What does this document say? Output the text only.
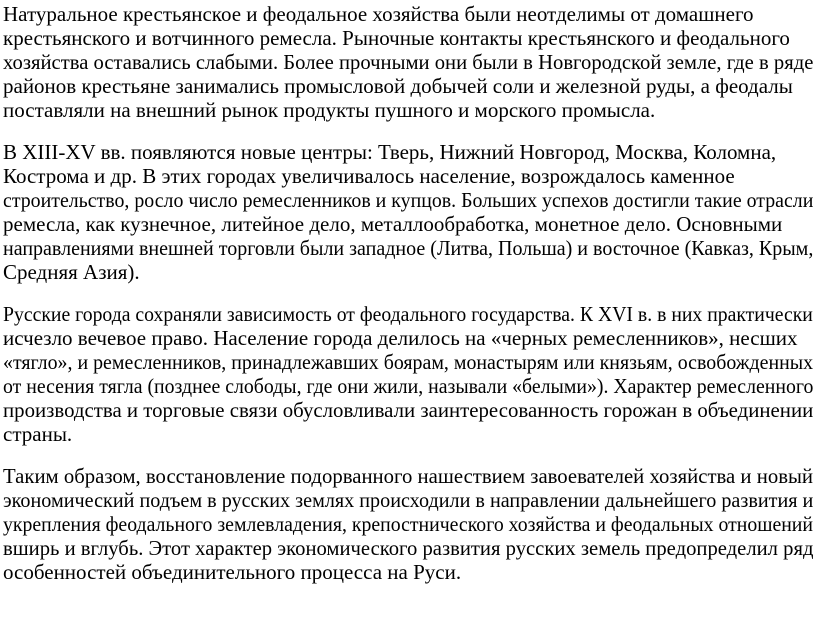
Натуральное крестьянское и феодальное хозяйства были неотделимы от домашнего

крестьянского и вотчинного ремесла. Рыночные контакты крестьянского и феодального

хозяйства оставались слабыми. Более прочными они были в Новгородской земле, где в ряде

районов крестьяне занимались промысловой добычей соли и железной руды, а феодалы

поставляли на внешний рынок продукты пушного и морского промысла.

В XIII-XV вв. появляются новые центры: Тверь, Нижний Новгород, Москва, Коломна,

Кострома и др. В этих городах увеличивалось население, возрождалось каменное

строительство, росло число ремесленников и купцов. Больших успехов достигли такие отрасли

ремесла, как кузнечное, литейное дело, металлообработка, монетное дело. Основными

направлениями внешней торговли были западное (Литва, Польша) и восточное (Кавказ, Крым,

Средняя Азия).

Русские города сохраняли зависимость от феодального государства. К XVI в. в них практически

исчезло вечевое право. Население города делилось на «черных ремесленников», несших

«тягло», и ремесленников, принадлежавших боярам, монастырям или князьям, освобожденных

от несения тягла (позднее слободы, где они жили, называли «белыми»). Характер ремесленного

производства и торговые связи обусловливали заинтересованность горожан в объединении

страны.

Таким образом, восстановление подорванного нашествием завоевателей хозяйства и новый

экономический подъем в русских землях происходили в направлении дальнейшего развития и

укрепления феодального землевладения, крепостнического хозяйства и феодальных отношений

вширь и вглубь. Этот характер экономического развития русских земель предопределил ряд

особенностей объединительного процесса на Руси.
